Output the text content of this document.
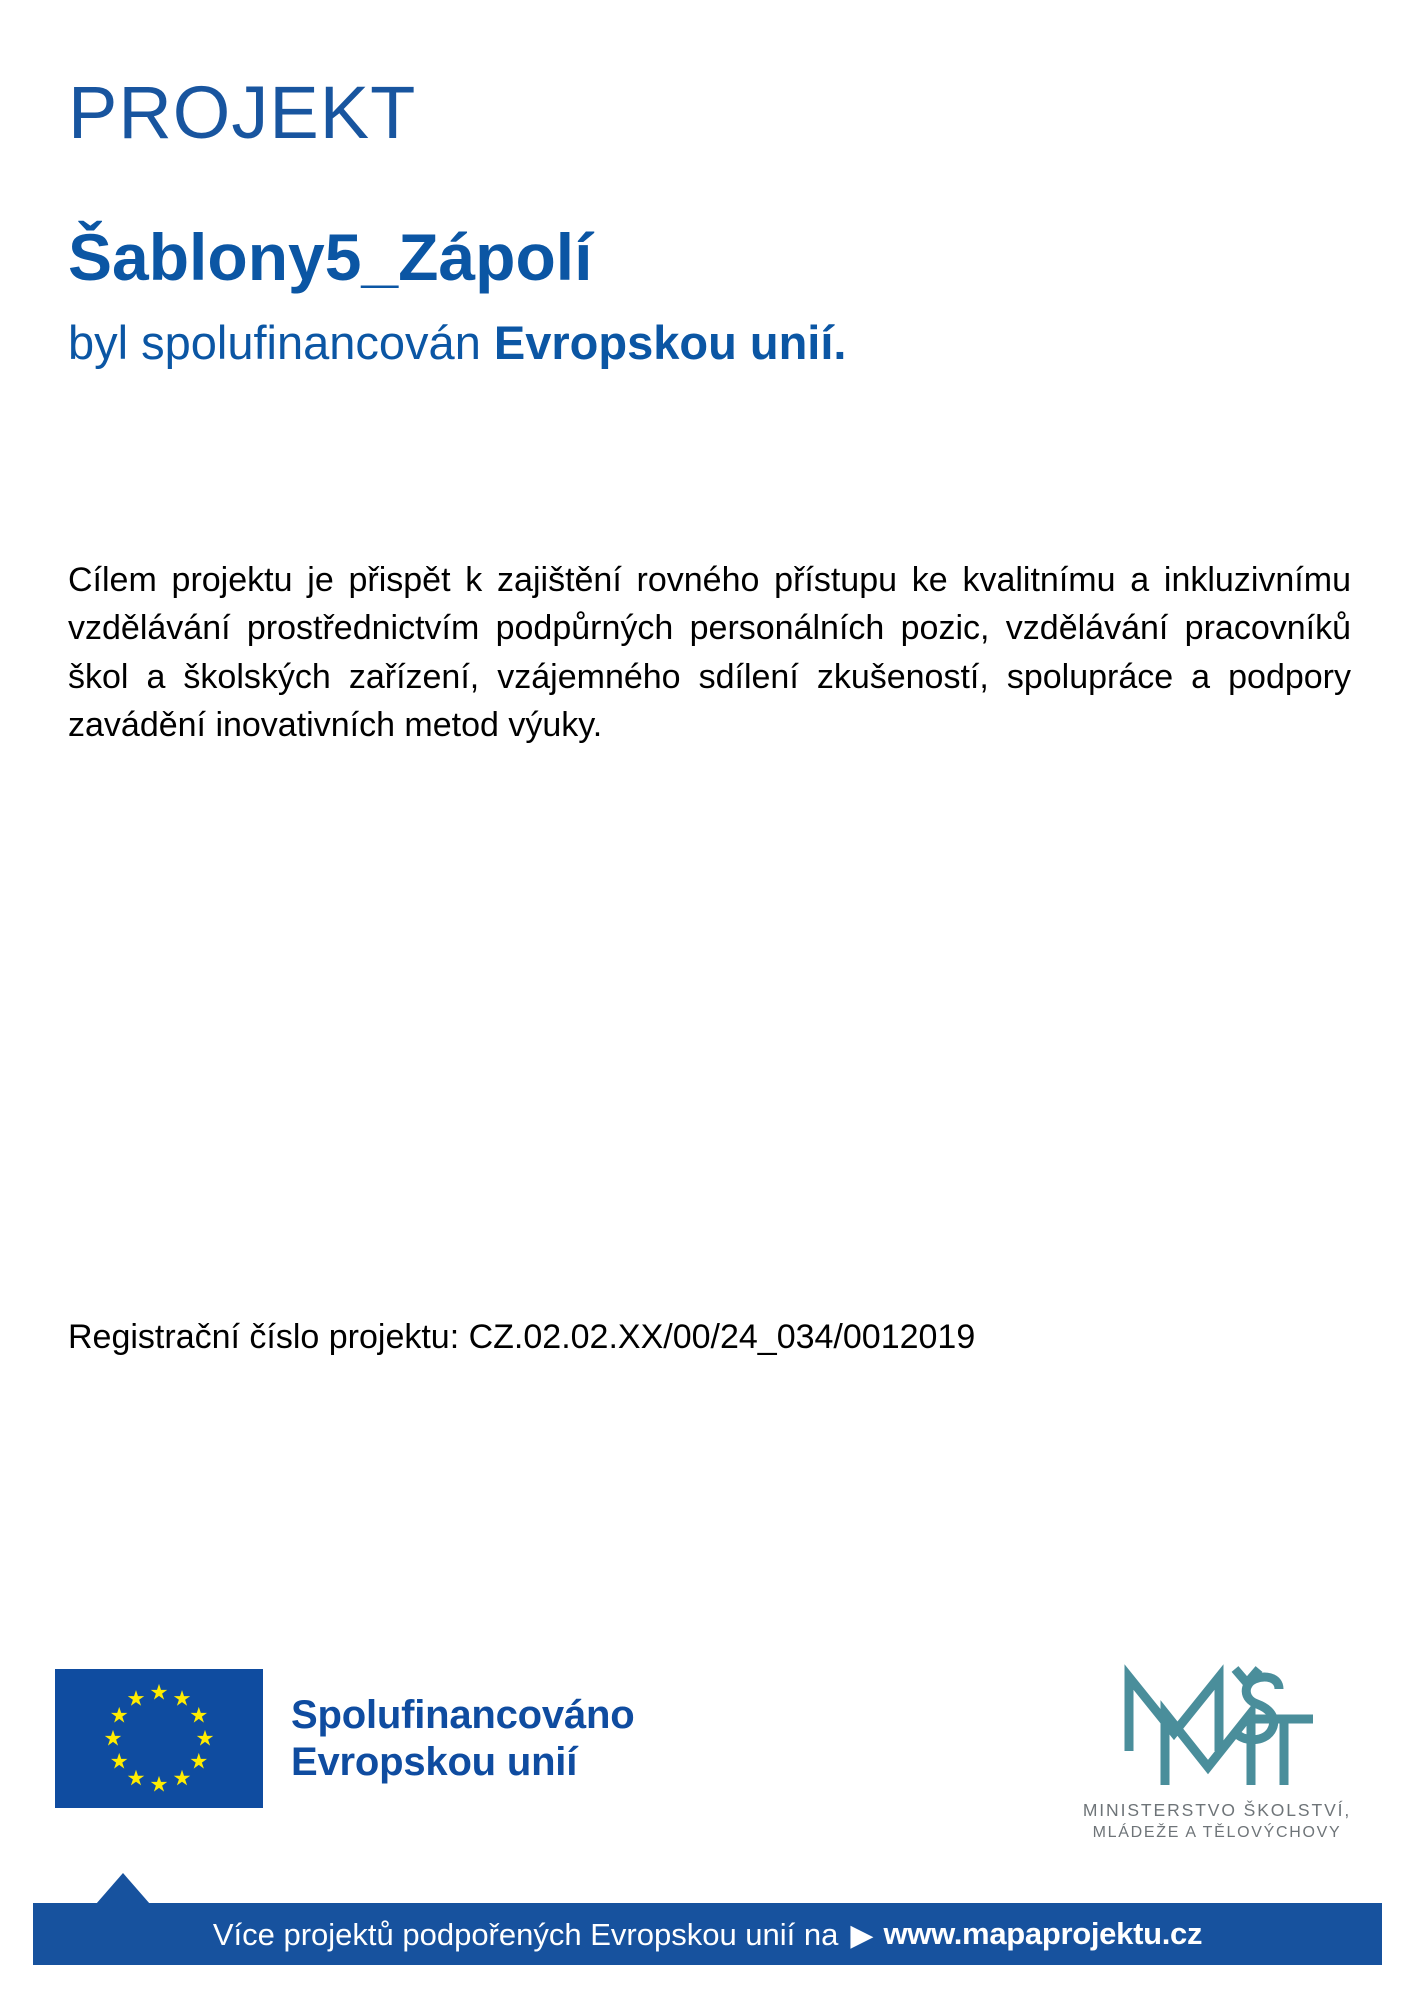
PROJEKT
Šablony5_Zápolí
byl spolufinancován Evropskou unií.

Cílem projektu je přispět k zajištění rovného přístupu ke kvalitnímu a inkluzivnímu vzdělávání prostřednictvím podpůrných personálních pozic, vzdělávání pracovníků škol a školských zařízení, vzájemného sdílení zkušeností, spolupráce a podpory zavádění inovativních metod výuky.

Registrační číslo projektu: CZ.02.02.XX/00/24_034/0012019
Spolufinancováno
Evropskou unií
MINISTERSTVO ŠKOLSTVÍ,
MLÁDEŽE A TĚLOVÝCHOVY
Více projektů podpořených Evropskou unií na ▶ www.mapaprojektu.cz
